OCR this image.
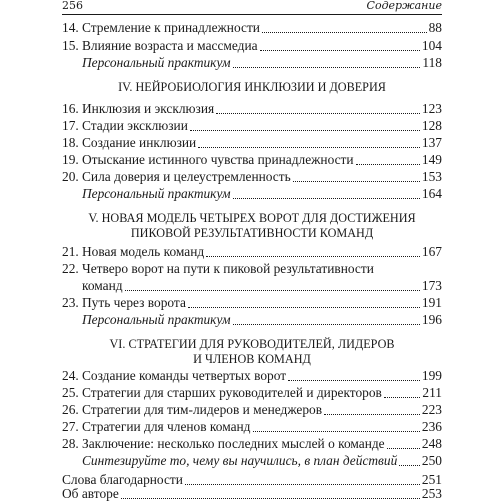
256	Содержание
14. Стремление к принадлежности	88
15. Влияние возраста и массмедиа	104
Персональный практикум	118
IV. НЕЙРОБИОЛОГИЯ ИНКЛЮЗИИ И ДОВЕРИЯ
16. Инклюзия и эксклюзия	123
17. Стадии эксклюзии	128
18. Создание инклюзии	137
19. Отыскание истинного чувства принадлежности	149
20. Сила доверия и целеустремленность	153
Персональный практикум	164
V. НОВАЯ МОДЕЛЬ ЧЕТЫРЕХ ВОРОТ ДЛЯ ДОСТИЖЕНИЯ
ПИКОВОЙ РЕЗУЛЬТАТИВНОСТИ КОМАНД
21. Новая модель команд	167
22. Четверо ворот на пути к пиковой результативности
команд	173
23. Путь через ворота	191
Персональный практикум	196
VI. СТРАТЕГИИ ДЛЯ РУКОВОДИТЕЛЕЙ, ЛИДЕРОВ
И ЧЛЕНОВ КОМАНД
24. Создание команды четвертых ворот	199
25. Стратегии для старших руководителей и директоров	211
26. Стратегии для тим-лидеров и менеджеров	223
27. Стратегии для членов команд	236
28. Заключение: несколько последних мыслей о команде	248
Синтезируйте то, чему вы научились, в план действий 250
Слова благодарности	251
Об авторе	253
